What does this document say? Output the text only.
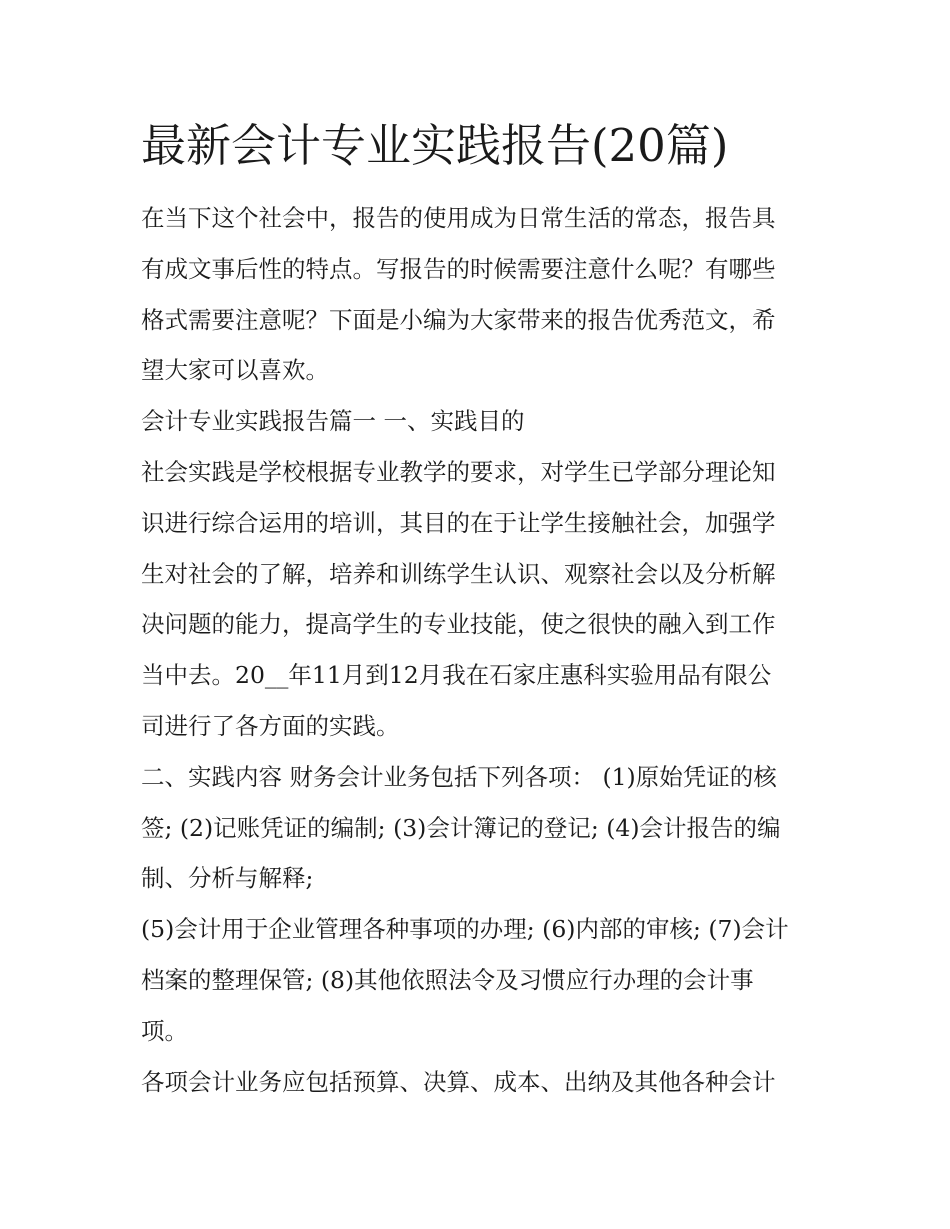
最新会计专业实践报告(20篇)
在当下这个社会中，报告的使用成为日常生活的常态，报告具
有成文事后性的特点。写报告的时候需要注意什么呢？有哪些
格式需要注意呢？下面是小编为大家带来的报告优秀范文，希
望大家可以喜欢。
会计专业实践报告篇一 一、实践目的
社会实践是学校根据专业教学的要求，对学生已学部分理论知
识进行综合运用的培训，其目的在于让学生接触社会，加强学
生对社会的了解，培养和训练学生认识、观察社会以及分析解
决问题的能力，提高学生的专业技能，使之很快的融入到工作
当中去。20__年11月到12月我在石家庄惠科实验用品有限公
司进行了各方面的实践。
二、实践内容 财务会计业务包括下列各项： (1)原始凭证的核
签; (2)记账凭证的编制; (3)会计簿记的登记; (4)会计报告的编
制、分析与解释;
(5)会计用于企业管理各种事项的办理; (6)内部的审核; (7)会计
档案的整理保管; (8)其他依照法令及习惯应行办理的会计事
项。
各项会计业务应包括预算、决算、成本、出纳及其他各种会计
